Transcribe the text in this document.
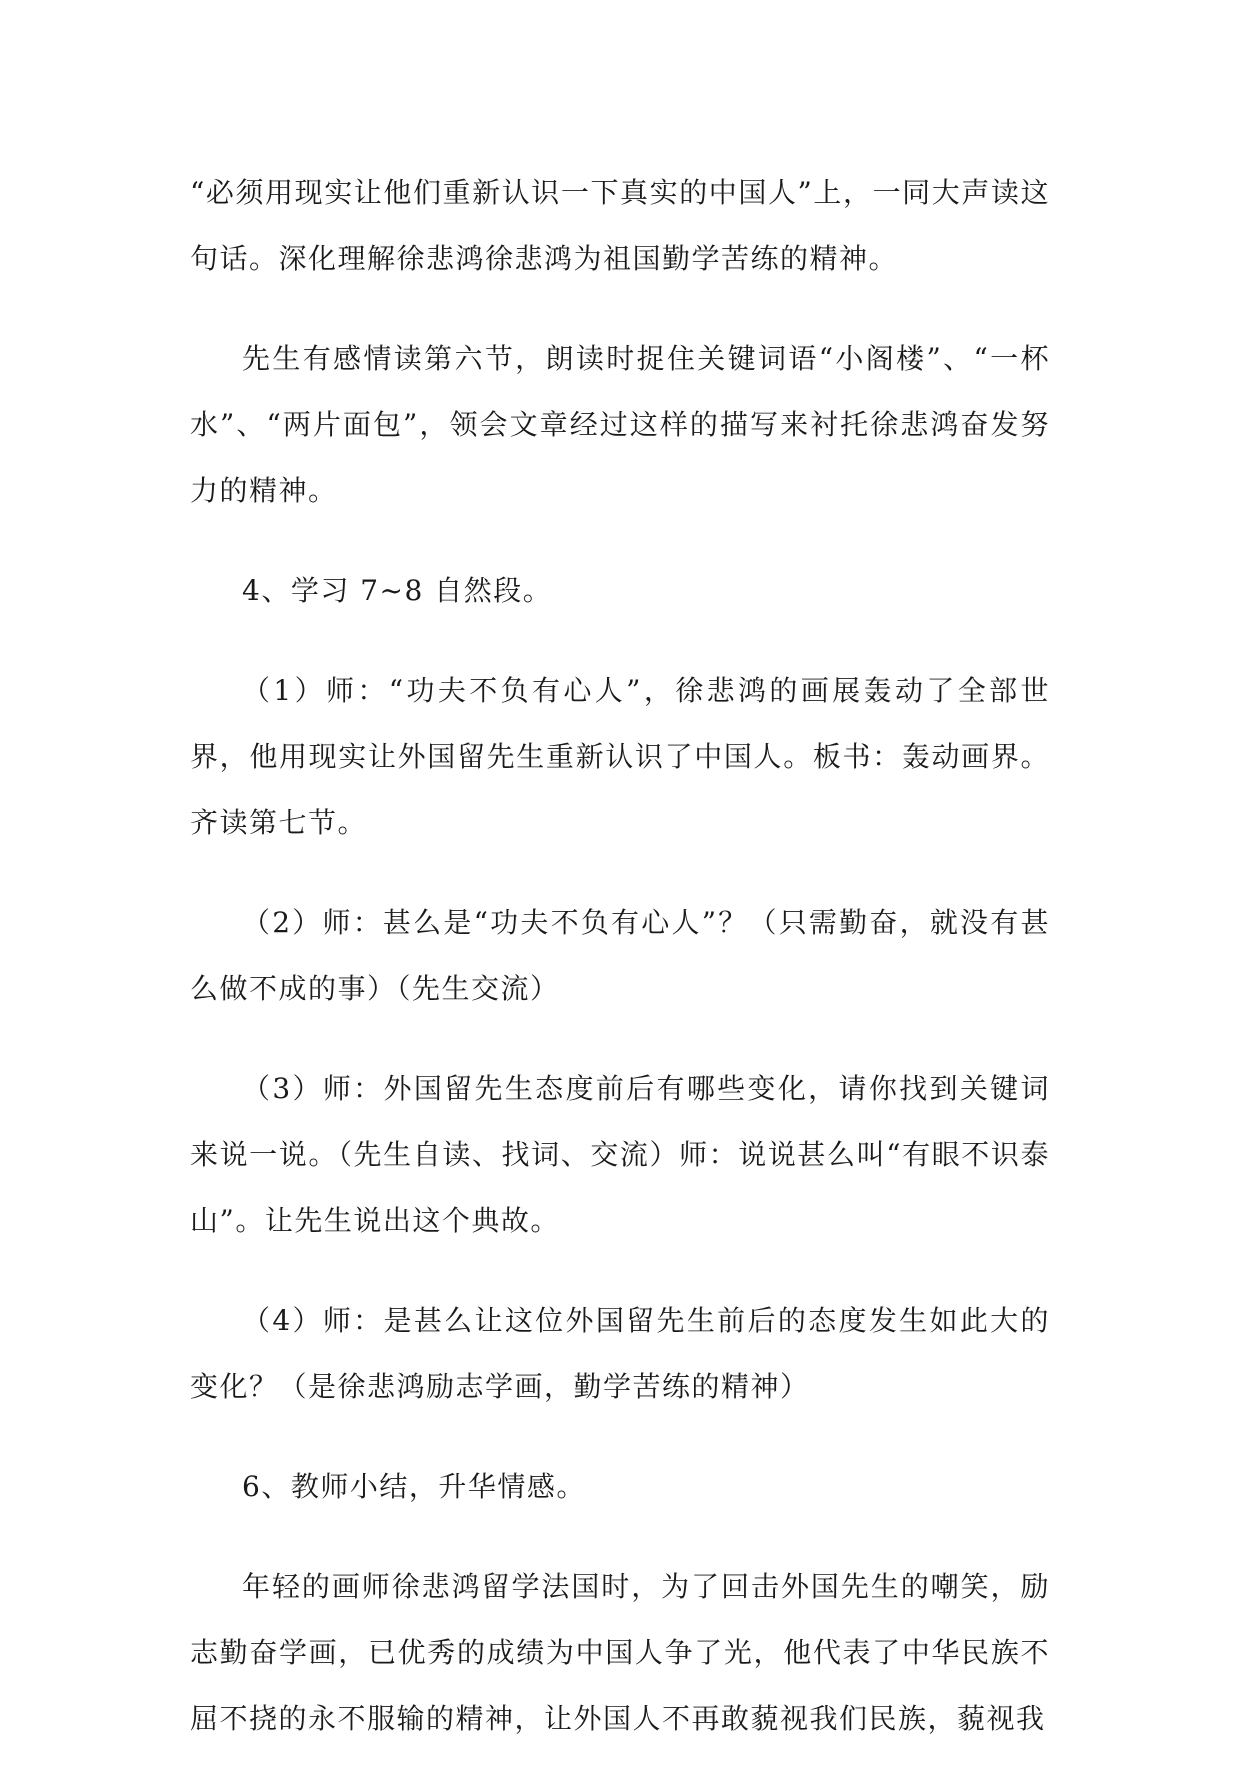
“必须用现实让他们重新认识一下真实的中国人”上，一同大声读这句话。深化理解徐悲鸿徐悲鸿为祖国勤学苦练的精神。

先生有感情读第六节，朗读时捉住关键词语“小阁楼”、“一杯水”、“两片面包”，领会文章经过这样的描写来衬托徐悲鸿奋发努力的精神。

4、学习 7~8 自然段。

（1）师：“功夫不负有心人”，徐悲鸿的画展轰动了全部世界，他用现实让外国留先生重新认识了中国人。板书：轰动画界。齐读第七节。

（2）师：甚么是“功夫不负有心人”？（只需勤奋，就没有甚么做不成的事）（先生交流）

（3）师：外国留先生态度前后有哪些变化，请你找到关键词来说一说。（先生自读、找词、交流）师：说说甚么叫“有眼不识泰山”。让先生说出这个典故。

（4）师：是甚么让这位外国留先生前后的态度发生如此大的变化？（是徐悲鸿励志学画，勤学苦练的精神）

6、教师小结，升华情感。

年轻的画师徐悲鸿留学法国时，为了回击外国先生的嘲笑，励志勤奋学画，已优秀的成绩为中国人争了光，他代表了中华民族不屈不挠的永不服输的精神，让外国人不再敢藐视我们民族，藐视我
